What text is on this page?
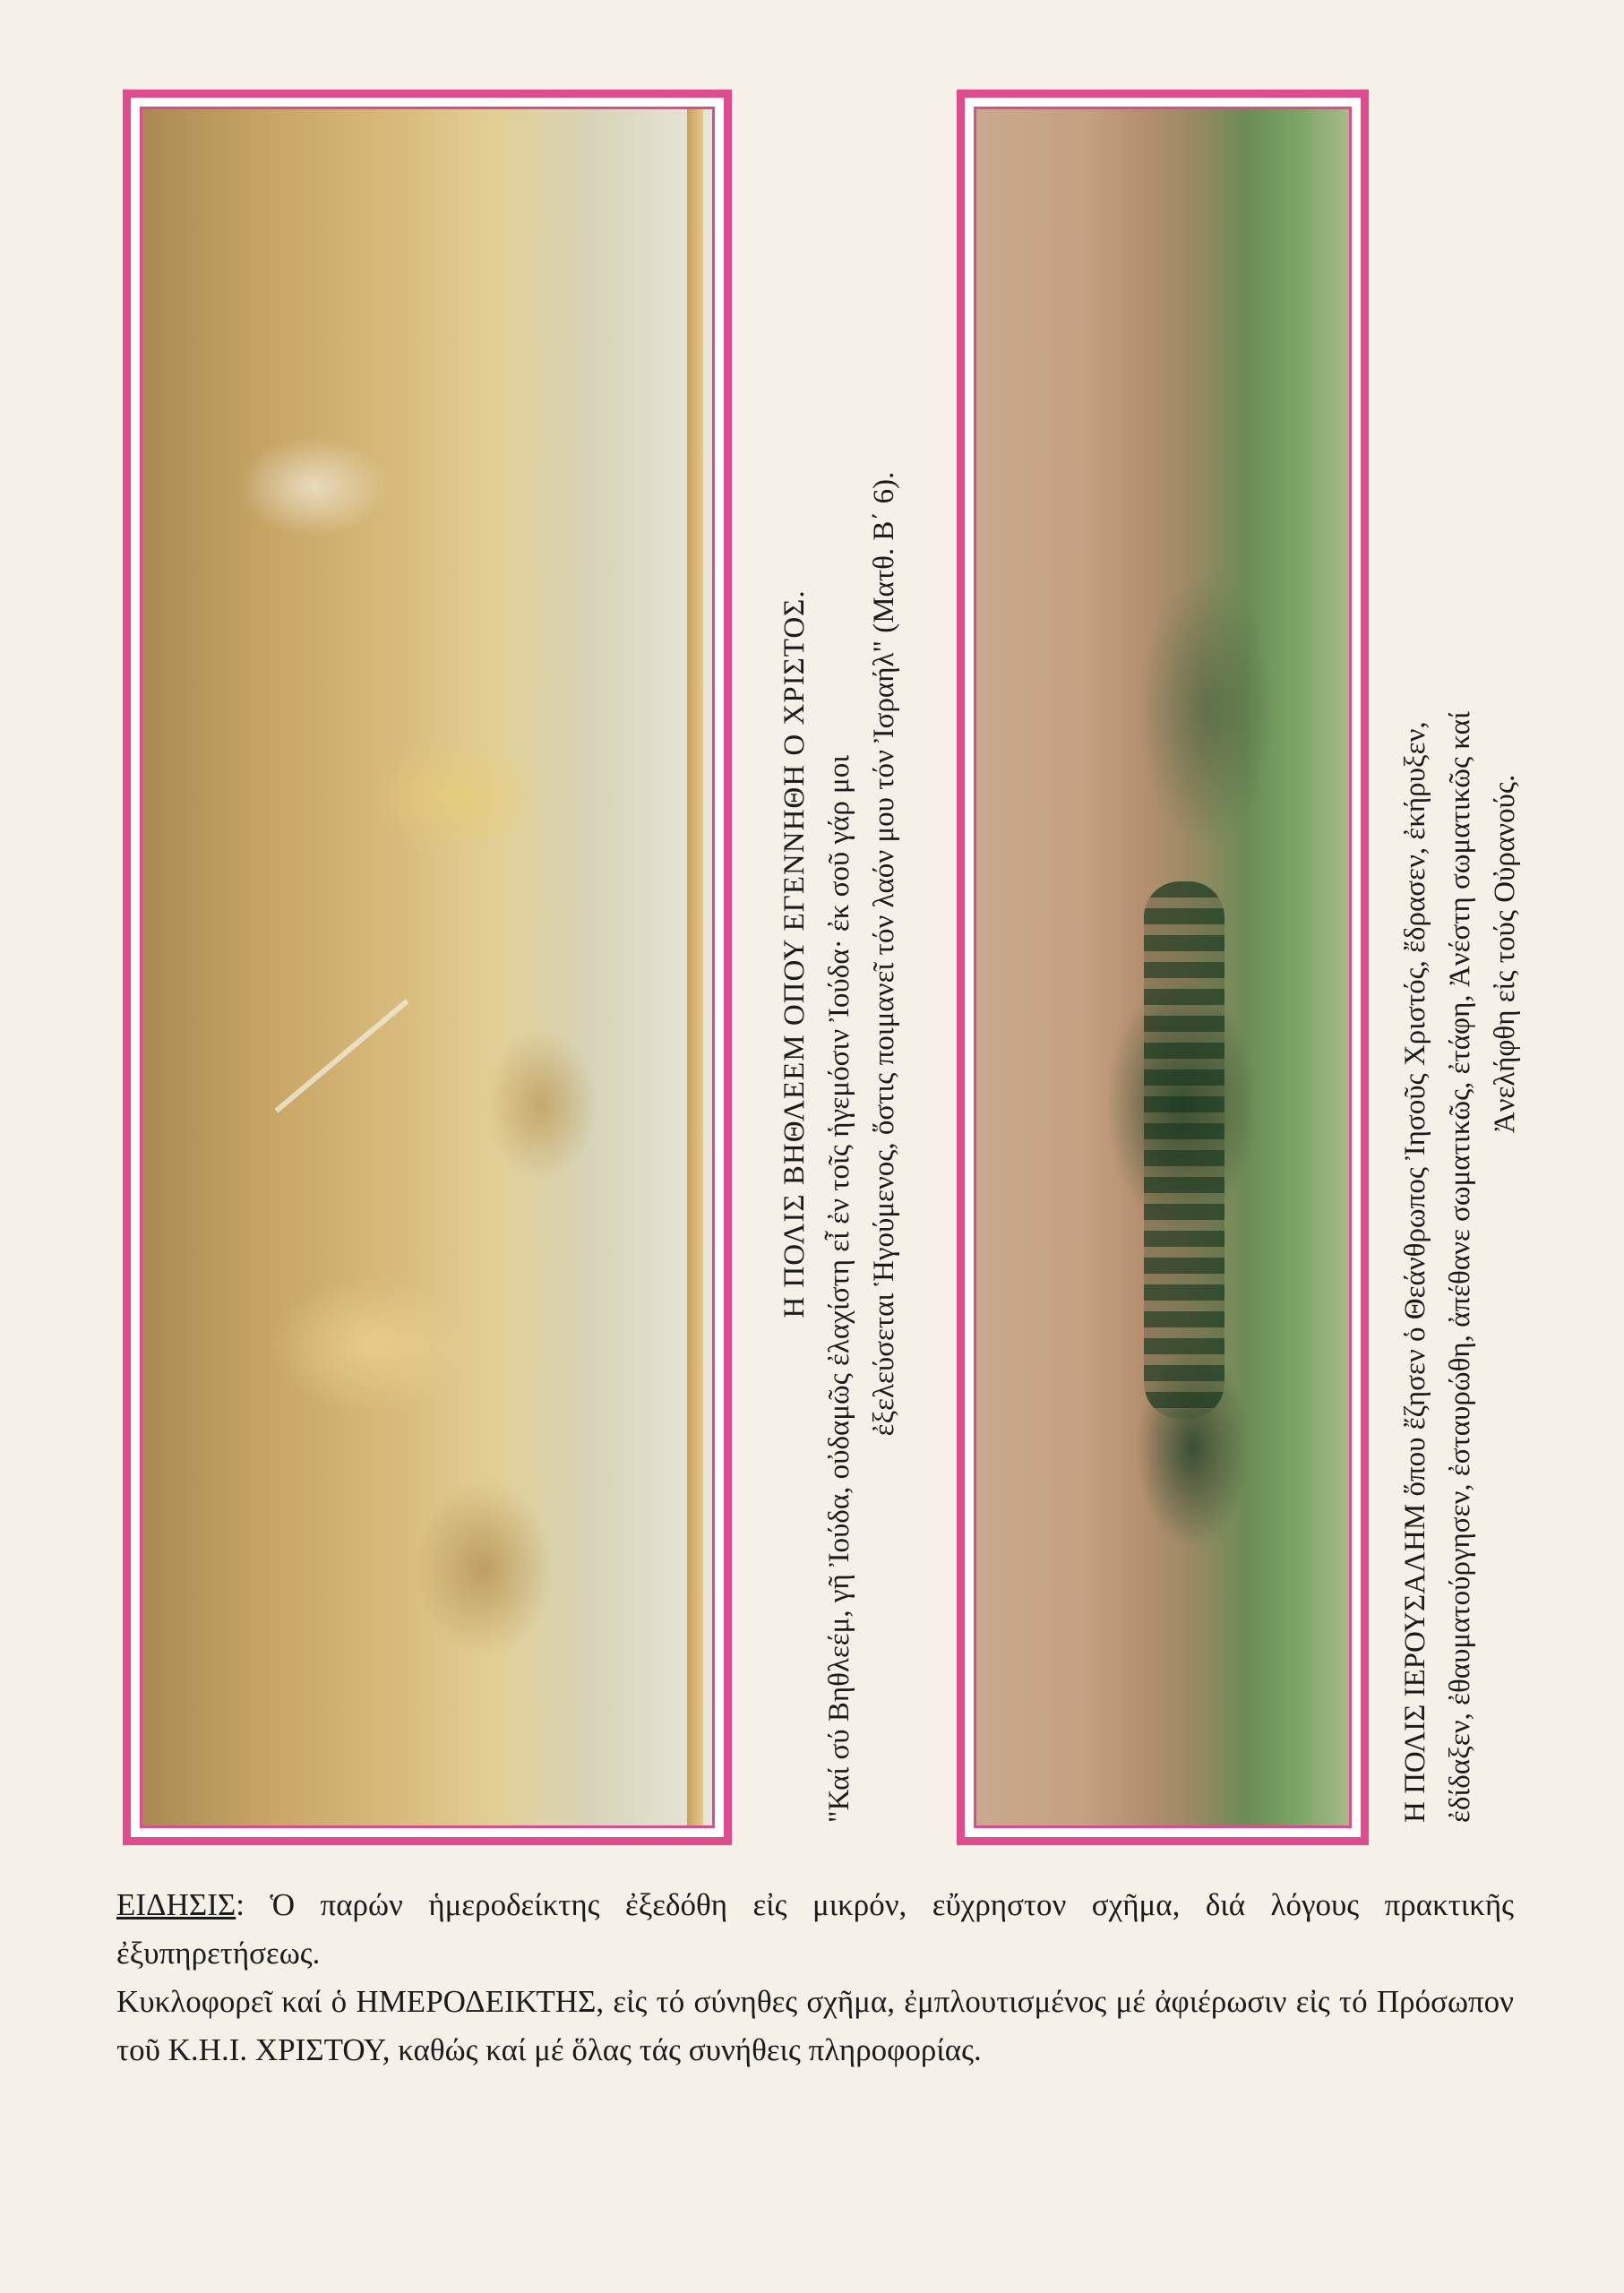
Η ΠΟΛΙΣ ΒΗΘΛΕΕΜ ΟΠΟΥ ΕΓΕΝΝΗΘΗ Ο ΧΡΙΣΤΟΣ. "Καί σύ Βηθλεέμ, γῆ Ἰούδα, οὐδαμῶς ἐλαχίστη εἶ ἐν τοῖς ἡγεμόσιν Ἰούδα· ἐκ σοῦ γάρ μοι ἐξελεύσεται Ἡγούμενος, ὅστις ποιμανεῖ τόν λαόν μου τόν Ἰσραήλ" (Ματθ. Β΄ 6).	Η ΠΟΛΙΣ ΙΕΡΟΥΣΑΛΗΜ ὅπου ἔζησεν ὁ Θεάνθρωπος Ἰησοῦς Χριστός, ἔδρασεν, ἐκήρυξεν, ἐδίδαξεν, ἐθαυματούργησεν, ἐσταυρώθη, ἀπέθανε σωματικῶς, ἐτάφη, Ἀνέστη σωματικῶς καί Ἀνελήφθη εἰς τούς Οὐρανούς.

ΕΙΔΗΣΙΣ: Ὁ παρών ἡμεροδείκτης ἐξεδόθη εἰς μικρόν, εὔχρηστον σχῆμα, διά λόγους πρακτικῆς ἐξυπηρετήσεως.

Κυκλοφορεῖ καί ὁ ΗΜΕΡΟΔΕΙΚΤΗΣ, εἰς τό σύνηθες σχῆμα, ἐμπλουτισμένος μέ ἀφιέρωσιν εἰς τό Πρόσωπον τοῦ Κ.Η.Ι. ΧΡΙΣΤΟΥ, καθώς καί μέ ὅλας τάς συνήθεις πληροφορίας.
